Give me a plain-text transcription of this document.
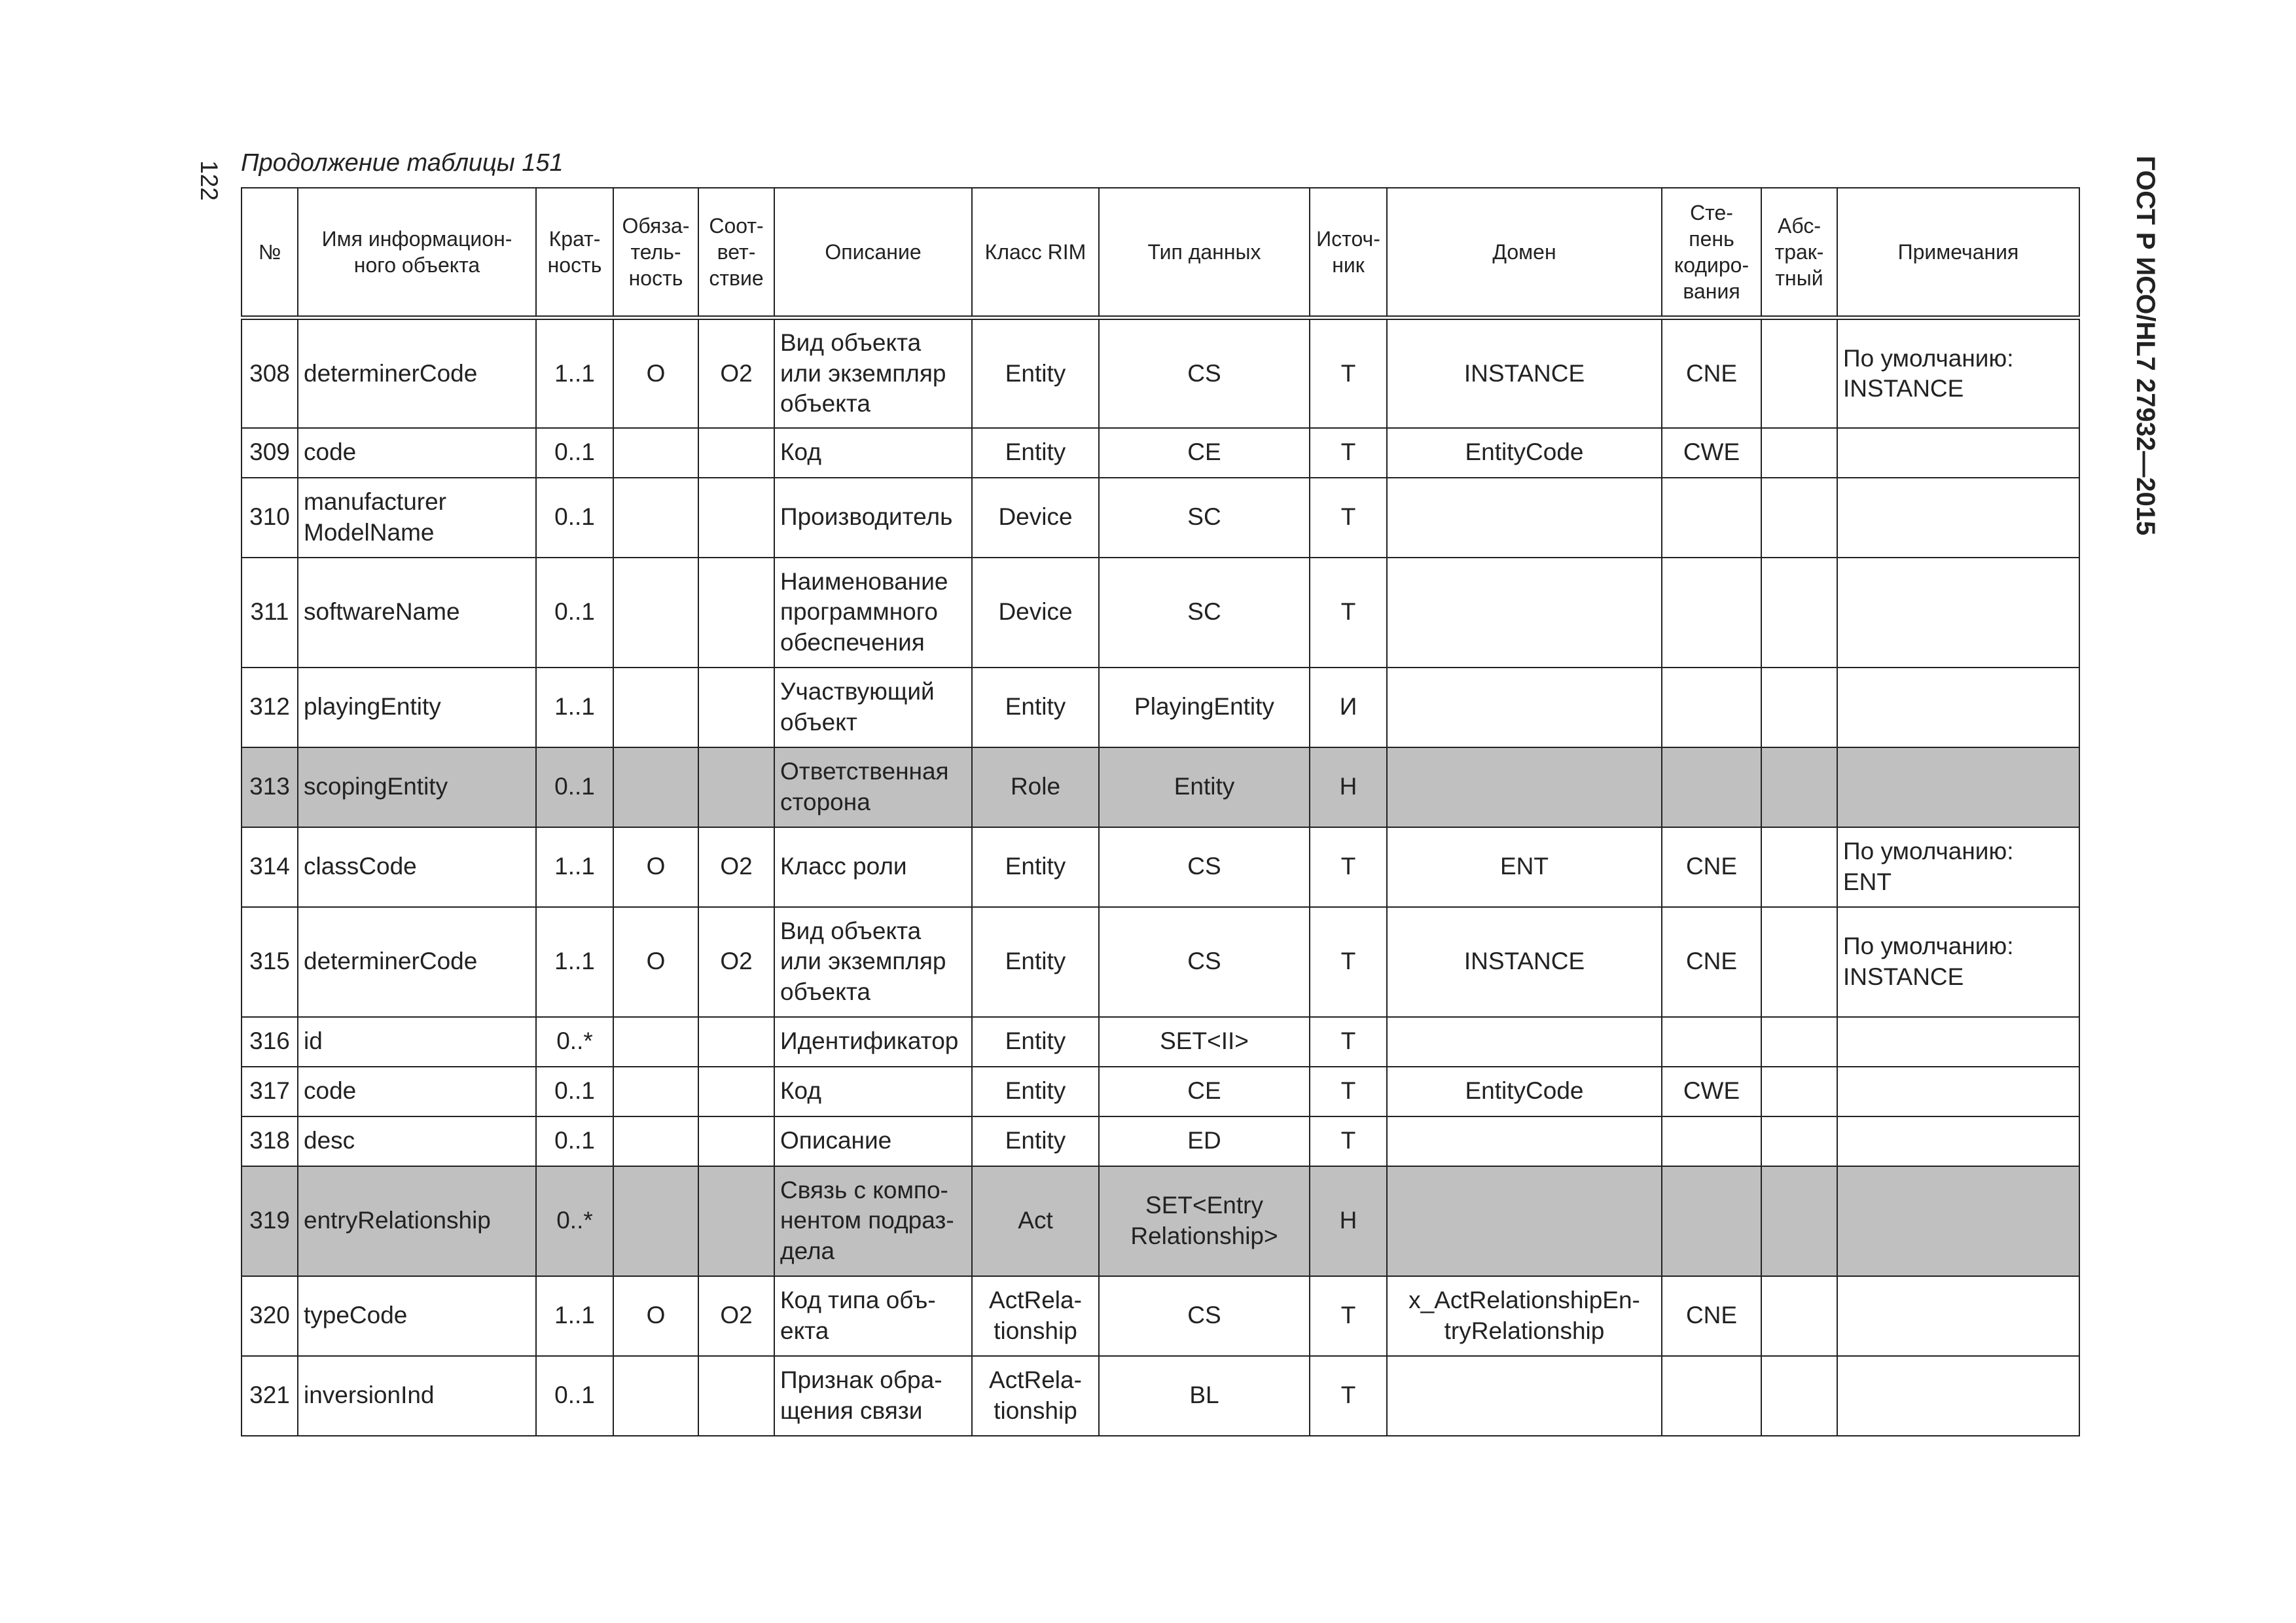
122	ГОСТ Р ИСО/HL7 27932—2015
Продолжение таблицы 151
№	Имя информацион-
ного объекта	Крат-
ность	Обяза-
тель-
ность	Соот-
вет-
ствие	Описание	Класс RIM	Тип данных	Источ-
ник	Домен	Сте-
пень
кодиро-
вания	Абс-
трак-
тный	Примечания
308	determinerCode	1..1	O	O2	Вид объекта
или экземпляр
объекта	Entity	CS	T	INSTANCE	CNE		По умолчанию:
INSTANCE
309	code	0..1			Код	Entity	CE	T	EntityCode	CWE		
310	manufacturer
ModelName	0..1			Производитель	Device	SC	T				
311	softwareName	0..1			Наименование
программного
обеспечения	Device	SC	T				
312	playingEntity	1..1			Участвующий
объект	Entity	PlayingEntity	И				
313	scopingEntity	0..1			Ответственная
сторона	Role	Entity	H				
314	classCode	1..1	O	O2	Класс роли	Entity	CS	T	ENT	CNE		По умолчанию:
ENT
315	determinerCode	1..1	O	O2	Вид объекта
или экземпляр
объекта	Entity	CS	T	INSTANCE	CNE		По умолчанию:
INSTANCE
316	id	0..*			Идентификатор	Entity	SET<II>	T				
317	code	0..1			Код	Entity	CE	T	EntityCode	CWE		
318	desc	0..1			Описание	Entity	ED	T				
319	entryRelationship	0..*			Связь с компо-
нентом подраз-
дела	Act	SET<Entry
Relationship>	H				
320	typeCode	1..1	O	O2	Код типа объ-
екта	ActRela-
tionship	CS	T	x_ActRelationshipEn-
tryRelationship	CNE		
321	inversionInd	0..1			Признак обра-
щения связи	ActRela-
tionship	BL	T				
